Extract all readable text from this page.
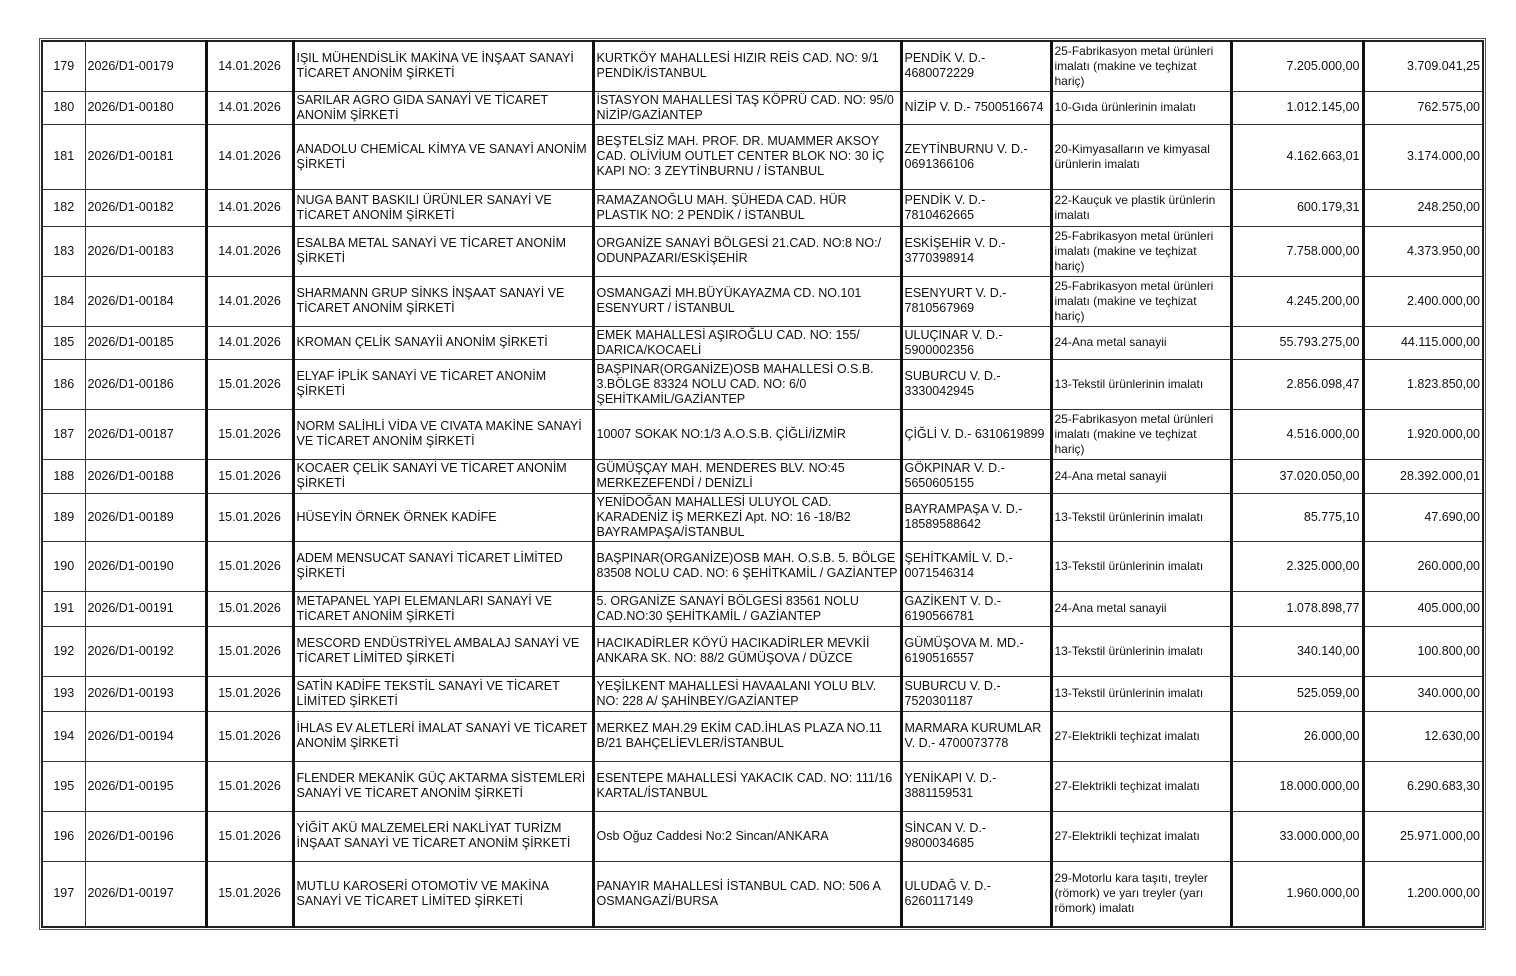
179	2026/D1-00179	14.01.2026	IŞIL MÜHENDİSLİK MAKİNA VE İNŞAAT SANAYİ TİCARET ANONİM ŞİRKETİ	KURTKÖY MAHALLESİ HIZIR REİS CAD. NO: 9/1 PENDİK/İSTANBUL	PENDİK V. D.- 4680072229	25-Fabrikasyon metal ürünleri imalatı (makine ve teçhizat hariç)	7.205.000,00	3.709.041,25
180	2026/D1-00180	14.01.2026	SARILAR AGRO GIDA SANAYİ VE TİCARET ANONİM ŞİRKETİ	İSTASYON MAHALLESİ TAŞ KÖPRÜ CAD. NO: 95/0 NİZİP/GAZİANTEP	NİZİP V. D.- 7500516674	10-Gıda ürünlerinin imalatı	1.012.145,00	762.575,00
181	2026/D1-00181	14.01.2026	ANADOLU CHEMİCAL KİMYA VE SANAYİ ANONİM ŞİRKETİ	BEŞTELSİZ MAH. PROF. DR. MUAMMER AKSOY CAD. OLİVİUM OUTLET CENTER BLOK NO: 30 İÇ KAPI NO: 3 ZEYTİNBURNU / İSTANBUL	ZEYTİNBURNU V. D.- 0691366106	20-Kimyasalların ve kimyasal ürünlerin imalatı	4.162.663,01	3.174.000,00
182	2026/D1-00182	14.01.2026	NUGA BANT BASKILI ÜRÜNLER SANAYİ VE TİCARET ANONİM ŞİRKETİ	RAMAZANOĞLU MAH. ŞÜHEDA CAD. HÜR PLASTIK NO: 2 PENDİK / İSTANBUL	PENDİK V. D.- 7810462665	22-Kauçuk ve plastik ürünlerin imalatı	600.179,31	248.250,00
183	2026/D1-00183	14.01.2026	ESALBA METAL SANAYİ VE TİCARET ANONİM ŞİRKETİ	ORGANİZE SANAYİ BÖLGESİ 21.CAD. NO:8 NO:/ ODUNPAZARI/ESKİŞEHİR	ESKİŞEHİR V. D.- 3770398914	25-Fabrikasyon metal ürünleri imalatı (makine ve teçhizat hariç)	7.758.000,00	4.373.950,00
184	2026/D1-00184	14.01.2026	SHARMANN GRUP SİNKS İNŞAAT SANAYİ VE TİCARET ANONİM ŞİRKETİ	OSMANGAZİ MH.BÜYÜKAYAZMA CD. NO.101 ESENYURT / İSTANBUL	ESENYURT V. D.- 7810567969	25-Fabrikasyon metal ürünleri imalatı (makine ve teçhizat hariç)	4.245.200,00	2.400.000,00
185	2026/D1-00185	14.01.2026	KROMAN ÇELİK SANAYİİ ANONİM ŞİRKETİ	EMEK MAHALLESİ AŞIROĞLU CAD. NO: 155/ DARICA/KOCAELİ	ULUÇINAR V. D.- 5900002356	24-Ana metal sanayii	55.793.275,00	44.115.000,00
186	2026/D1-00186	15.01.2026	ELYAF İPLİK SANAYİ VE TİCARET ANONİM ŞİRKETİ	BAŞPINAR(ORGANİZE)OSB MAHALLESİ O.S.B. 3.BÖLGE 83324 NOLU CAD. NO: 6/0 ŞEHİTKAMİL/GAZİANTEP	SUBURCU V. D.- 3330042945	13-Tekstil ürünlerinin imalatı	2.856.098,47	1.823.850,00
187	2026/D1-00187	15.01.2026	NORM SALİHLİ VİDA VE CIVATA MAKİNE SANAYİ VE TİCARET ANONİM ŞİRKETİ	10007 SOKAK NO:1/3 A.O.S.B. ÇİĞLİ/İZMİR	ÇİĞLİ V. D.- 6310619899	25-Fabrikasyon metal ürünleri imalatı (makine ve teçhizat hariç)	4.516.000,00	1.920.000,00
188	2026/D1-00188	15.01.2026	KOCAER ÇELİK SANAYİ VE TİCARET ANONİM ŞİRKETİ	GÜMÜŞÇAY MAH. MENDERES BLV. NO:45 MERKEZEFENDİ / DENİZLİ	GÖKPINAR V. D.- 5650605155	24-Ana metal sanayii	37.020.050,00	28.392.000,01
189	2026/D1-00189	15.01.2026	HÜSEYİN ÖRNEK ÖRNEK KADİFE	YENİDOĞAN MAHALLESİ ULUYOL CAD. KARADENİZ İŞ MERKEZİ Apt. NO: 16 -18/B2 BAYRAMPAŞA/İSTANBUL	BAYRAMPAŞA V. D.- 18589588642	13-Tekstil ürünlerinin imalatı	85.775,10	47.690,00
190	2026/D1-00190	15.01.2026	ADEM MENSUCAT SANAYİ TİCARET LİMİTED ŞİRKETİ	BAŞPINAR(ORGANİZE)OSB MAH. O.S.B. 5. BÖLGE 83508 NOLU CAD. NO: 6 ŞEHİTKAMİL / GAZİANTEP	ŞEHİTKAMİL V. D.- 0071546314	13-Tekstil ürünlerinin imalatı	2.325.000,00	260.000,00
191	2026/D1-00191	15.01.2026	METAPANEL YAPI ELEMANLARI SANAYİ VE TİCARET ANONİM ŞİRKETİ	5. ORGANİZE SANAYİ BÖLGESİ 83561 NOLU CAD.NO:30 ŞEHİTKAMİL / GAZİANTEP	GAZİKENT V. D.- 6190566781	24-Ana metal sanayii	1.078.898,77	405.000,00
192	2026/D1-00192	15.01.2026	MESCORD ENDÜSTRİYEL AMBALAJ SANAYİ VE TİCARET LİMİTED ŞİRKETİ	HACIKADİRLER KÖYÜ HACIKADİRLER MEVKİİ ANKARA SK. NO: 88/2 GÜMÜŞOVA / DÜZCE	GÜMÜŞOVA M. MD.- 6190516557	13-Tekstil ürünlerinin imalatı	340.140,00	100.800,00
193	2026/D1-00193	15.01.2026	SATİN KADİFE TEKSTİL SANAYİ VE TİCARET LİMİTED ŞİRKETİ	YEŞİLKENT MAHALLESİ HAVAALANI YOLU BLV. NO: 228 A/ ŞAHİNBEY/GAZİANTEP	SUBURCU V. D.- 7520301187	13-Tekstil ürünlerinin imalatı	525.059,00	340.000,00
194	2026/D1-00194	15.01.2026	İHLAS EV ALETLERİ İMALAT SANAYİ VE TİCARET ANONİM ŞİRKETİ	MERKEZ MAH.29 EKİM CAD.İHLAS PLAZA NO.11 B/21 BAHÇELİEVLER/İSTANBUL	MARMARA KURUMLAR V. D.- 4700073778	27-Elektrikli teçhizat imalatı	26.000,00	12.630,00
195	2026/D1-00195	15.01.2026	FLENDER MEKANİK GÜÇ AKTARMA SİSTEMLERİ SANAYİ VE TİCARET ANONİM ŞİRKETİ	ESENTEPE MAHALLESİ YAKACIK CAD. NO: 111/16 KARTAL/İSTANBUL	YENİKAPI V. D.- 3881159531	27-Elektrikli teçhizat imalatı	18.000.000,00	6.290.683,30
196	2026/D1-00196	15.01.2026	YİĞİT AKÜ MALZEMELERİ NAKLİYAT TURİZM İNŞAAT SANAYİ VE TİCARET ANONİM ŞİRKETİ	Osb Oğuz Caddesi No:2 Sincan/ANKARA	SİNCAN V. D.- 9800034685	27-Elektrikli teçhizat imalatı	33.000.000,00	25.971.000,00
197	2026/D1-00197	15.01.2026	MUTLU KAROSERİ OTOMOTİV VE MAKİNA SANAYİ VE TİCARET LİMİTED ŞİRKETİ	PANAYIR MAHALLESİ İSTANBUL CAD. NO: 506 A OSMANGAZİ/BURSA	ULUDAĞ V. D.- 6260117149	29-Motorlu kara taşıtı, treyler (römork) ve yarı treyler (yarı römork) imalatı	1.960.000,00	1.200.000,00
